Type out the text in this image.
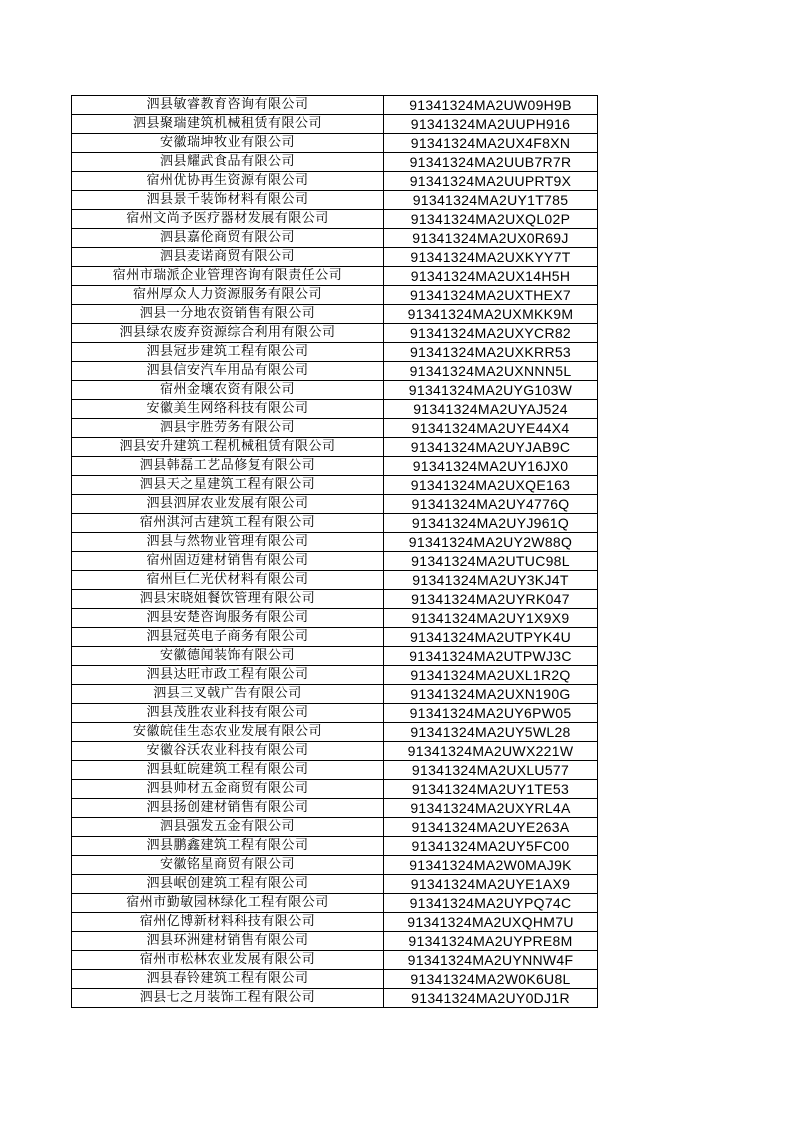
泗县敏睿教育咨询有限公司	91341324MA2UW09H9B
泗县聚瑞建筑机械租赁有限公司	91341324MA2UUPH916
安徽瑞坤牧业有限公司	91341324MA2UX4F8XN
泗县耀武食品有限公司	91341324MA2UUB7R7R
宿州优协再生资源有限公司	91341324MA2UUPRT9X
泗县景千装饰材料有限公司	91341324MA2UY1T785
宿州文尚予医疗器材发展有限公司	91341324MA2UXQL02P
泗县嘉伦商贸有限公司	91341324MA2UX0R69J
泗县麦诺商贸有限公司	91341324MA2UXKYY7T
宿州市瑞派企业管理咨询有限责任公司	91341324MA2UX14H5H
宿州厚众人力资源服务有限公司	91341324MA2UXTHEX7
泗县一分地农资销售有限公司	91341324MA2UXMKK9M
泗县绿农废弃资源综合利用有限公司	91341324MA2UXYCR82
泗县冠步建筑工程有限公司	91341324MA2UXKRR53
泗县信安汽车用品有限公司	91341324MA2UXNNN5L
宿州金壤农资有限公司	91341324MA2UYG103W
安徽美生网络科技有限公司	91341324MA2UYAJ524
泗县宇胜劳务有限公司	91341324MA2UYE44X4
泗县安升建筑工程机械租赁有限公司	91341324MA2UYJAB9C
泗县韩磊工艺品修复有限公司	91341324MA2UY16JX0
泗县天之星建筑工程有限公司	91341324MA2UXQE163
泗县泗屏农业发展有限公司	91341324MA2UY4776Q
宿州淇河古建筑工程有限公司	91341324MA2UYJ961Q
泗县与然物业管理有限公司	91341324MA2UY2W88Q
宿州固迈建材销售有限公司	91341324MA2UTUC98L
宿州巨仁光伏材料有限公司	91341324MA2UY3KJ4T
泗县宋晓姐餐饮管理有限公司	91341324MA2UYRK047
泗县安楚咨询服务有限公司	91341324MA2UY1X9X9
泗县冠英电子商务有限公司	91341324MA2UTPYK4U
安徽德闻装饰有限公司	91341324MA2UTPWJ3C
泗县达旺市政工程有限公司	91341324MA2UXL1R2Q
泗县三叉戟广告有限公司	91341324MA2UXN190G
泗县茂胜农业科技有限公司	91341324MA2UY6PW05
安徽皖佳生态农业发展有限公司	91341324MA2UY5WL28
安徽谷沃农业科技有限公司	91341324MA2UWX221W
泗县虹皖建筑工程有限公司	91341324MA2UXLU577
泗县帅材五金商贸有限公司	91341324MA2UY1TE53
泗县扬创建材销售有限公司	91341324MA2UXYRL4A
泗县强发五金有限公司	91341324MA2UYE263A
泗县鹏鑫建筑工程有限公司	91341324MA2UY5FC00
安徽铭星商贸有限公司	91341324MA2W0MAJ9K
泗县岷创建筑工程有限公司	91341324MA2UYE1AX9
宿州市勤敏园林绿化工程有限公司	91341324MA2UYPQ74C
宿州亿博新材料科技有限公司	91341324MA2UXQHM7U
泗县环洲建材销售有限公司	91341324MA2UYPRE8M
宿州市松林农业发展有限公司	91341324MA2UYNNW4F
泗县春铃建筑工程有限公司	91341324MA2W0K6U8L
泗县七之月装饰工程有限公司	91341324MA2UY0DJ1R
